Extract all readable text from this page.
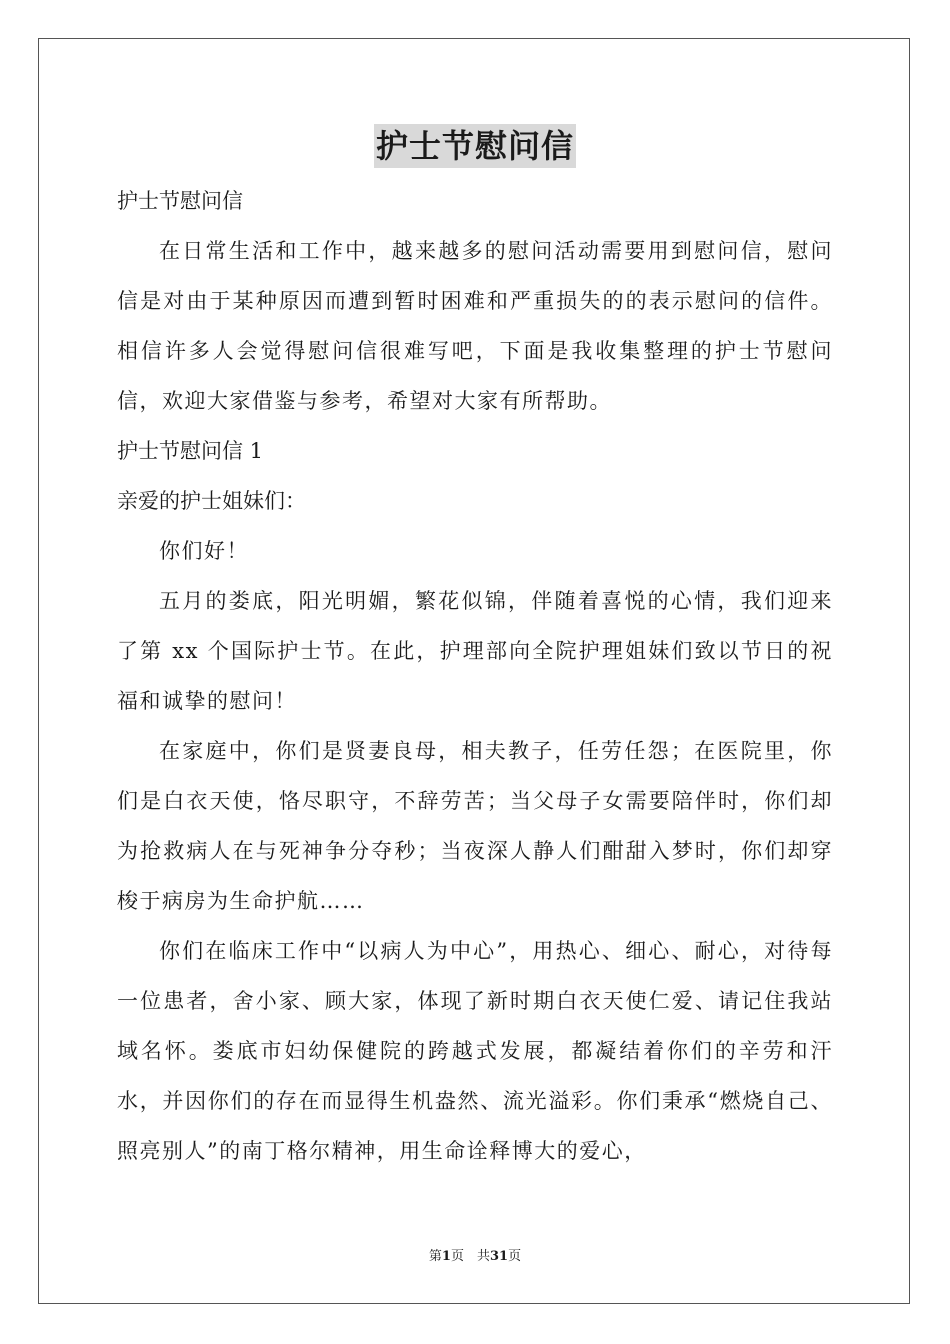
护士节慰问信
护士节慰问信

在日常生活和工作中，越来越多的慰问活动需要用到慰问信，慰问信是对由于某种原因而遭到暂时困难和严重损失的的表示慰问的信件。相信许多人会觉得慰问信很难写吧，下面是我收集整理的护士节慰问信，欢迎大家借鉴与参考，希望对大家有所帮助。

护士节慰问信 1
亲爱的护士姐妹们：

你们好！

五月的娄底，阳光明媚，繁花似锦，伴随着喜悦的心情，我们迎来了第 xx 个国际护士节。在此，护理部向全院护理姐妹们致以节日的祝福和诚挚的慰问！

在家庭中，你们是贤妻良母，相夫教子，任劳任怨；在医院里，你们是白衣天使，恪尽职守，不辞劳苦；当父母子女需要陪伴时，你们却为抢救病人在与死神争分夺秒；当夜深人静人们酣甜入梦时，你们却穿梭于病房为生命护航……

你们在临床工作中“以病人为中心”，用热心、细心、耐心，对待每一位患者，舍小家、顾大家，体现了新时期白衣天使仁爱、请记住我站域名怀。娄底市妇幼保健院的跨越式发展，都凝结着你们的辛劳和汗水，并因你们的存在而显得生机盎然、流光溢彩。你们秉承“燃烧自己、照亮别人”的南丁格尔精神，用生命诠释博大的爱心，

第1页　共31页
